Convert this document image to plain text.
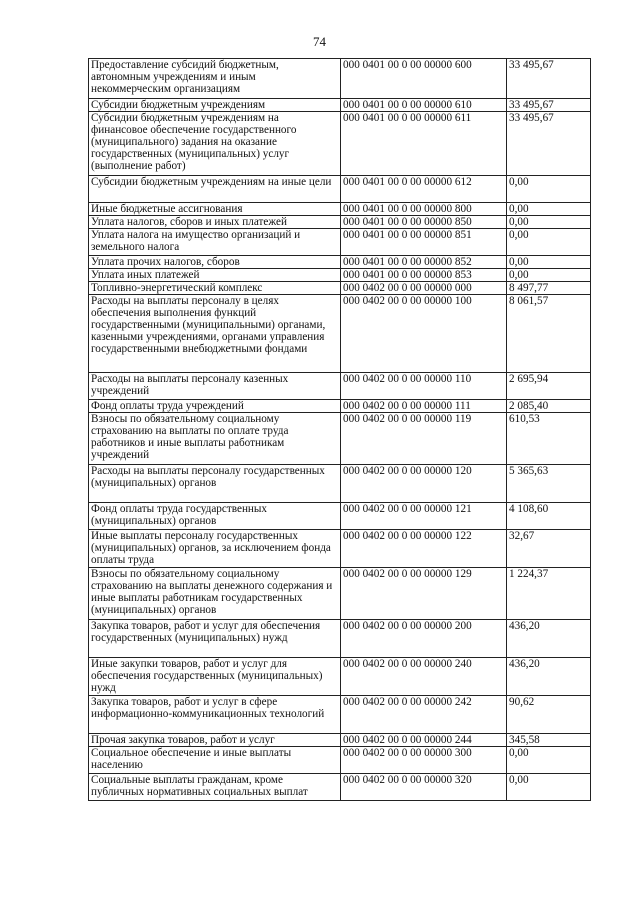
74
Предоставление субсидий бюджетным, автономным учреждениям и иным некоммерческим организациям	000 0401 00 0 00 00000 600	33 495,67
Субсидии бюджетным учреждениям	000 0401 00 0 00 00000 610	33 495,67
Субсидии бюджетным учреждениям на финансовое обеспечение государственного (муниципального) задания на оказание государственных (муниципальных) услуг (выполнение работ)	000 0401 00 0 00 00000 611	33 495,67
Субсидии бюджетным учреждениям на иные цели	000 0401 00 0 00 00000 612	0,00
Иные бюджетные ассигнования	000 0401 00 0 00 00000 800	0,00
Уплата налогов, сборов и иных платежей	000 0401 00 0 00 00000 850	0,00
Уплата налога на имущество организаций и земельного налога	000 0401 00 0 00 00000 851	0,00
Уплата прочих налогов, сборов	000 0401 00 0 00 00000 852	0,00
Уплата иных платежей	000 0401 00 0 00 00000 853	0,00
Топливно-энергетический комплекс	000 0402 00 0 00 00000 000	8 497,77
Расходы на выплаты персоналу в целях обеспечения выполнения функций государственными (муниципальными) органами, казенными учреждениями, органами управления государственными внебюджетными фондами	000 0402 00 0 00 00000 100	8 061,57
Расходы на выплаты персоналу казенных учреждений	000 0402 00 0 00 00000 110	2 695,94
Фонд оплаты труда учреждений	000 0402 00 0 00 00000 111	2 085,40
Взносы по обязательному социальному страхованию на выплаты по оплате труда работников и иные выплаты работникам учреждений	000 0402 00 0 00 00000 119	610,53
Расходы на выплаты персоналу государственных (муниципальных) органов	000 0402 00 0 00 00000 120	5 365,63
Фонд оплаты труда государственных (муниципальных) органов	000 0402 00 0 00 00000 121	4 108,60
Иные выплаты персоналу государственных (муниципальных) органов, за исключением фонда оплаты труда	000 0402 00 0 00 00000 122	32,67
Взносы по обязательному социальному страхованию на выплаты денежного содержания и иные выплаты работникам государственных (муниципальных) органов	000 0402 00 0 00 00000 129	1 224,37
Закупка товаров, работ и услуг для обеспечения государственных (муниципальных) нужд	000 0402 00 0 00 00000 200	436,20
Иные закупки товаров, работ и услуг для обеспечения государственных (муниципальных) нужд	000 0402 00 0 00 00000 240	436,20
Закупка товаров, работ и услуг в сфере информационно-коммуникационных технологий	000 0402 00 0 00 00000 242	90,62
Прочая закупка товаров, работ и услуг	000 0402 00 0 00 00000 244	345,58
Социальное обеспечение и иные выплаты населению	000 0402 00 0 00 00000 300	0,00
Социальные выплаты гражданам, кроме публичных нормативных социальных выплат	000 0402 00 0 00 00000 320	0,00
